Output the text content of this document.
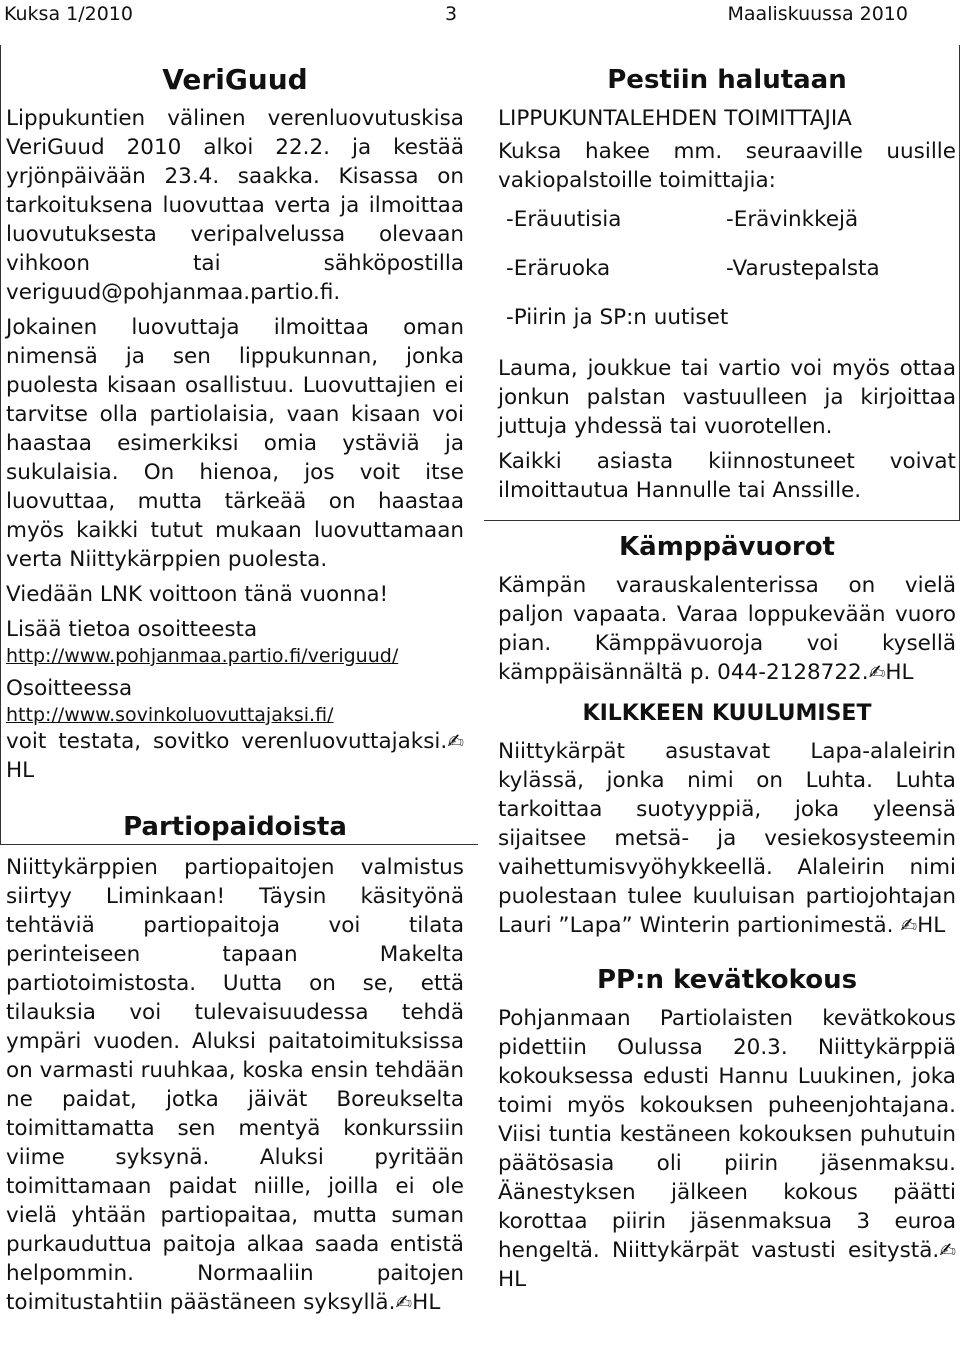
Kuksa 1/2010	3	Maaliskuussa 2010
VeriGuud

Lippukuntien välinen verenluovutuskisa VeriGuud 2010 alkoi 22.2. ja kestää yrjönpäivään 23.4. saakka. Kisassa on tarkoituksena luovuttaa verta ja ilmoittaa luovutuksesta veripalvelussa olevaan vihkoon tai sähköpostilla veriguud@pohjanmaa.partio.fi.

Jokainen luovuttaja ilmoittaa oman nimensä ja sen lippukunnan, jonka puolesta kisaan osallistuu. Luovuttajien ei tarvitse olla partiolaisia, vaan kisaan voi haastaa esimerkiksi omia ystäviä ja sukulaisia. On hienoa, jos voit itse luovuttaa, mutta tärkeää on haastaa myös kaikki tutut mukaan luovuttamaan verta Niittykärppien puolesta.

Viedään LNK voittoon tänä vuonna!

Lisää tietoa osoitteesta

http://www.pohjanmaa.partio.fi/veriguud/

Osoitteessa

http://www.sovinkoluovuttajaksi.fi/

voit testata, sovitko verenluovuttajaksi.✍HL

Partiopaidoista

Niittykärppien partiopaitojen valmistus siirtyy Liminkaan! Täysin käsityönä tehtäviä partiopaitoja voi tilata perinteiseen tapaan Makelta partiotoimistosta. Uutta on se, että tilauksia voi tulevaisuudessa tehdä ympäri vuoden. Aluksi paitatoimituksissa on varmasti ruuhkaa, koska ensin tehdään ne paidat, jotka jäivät Boreukselta toimittamatta sen mentyä konkurssiin viime syksynä. Aluksi pyritään toimittamaan paidat niille, joilla ei ole vielä yhtään partiopaitaa, mutta suman purkauduttua paitoja alkaa saada entistä helpommin. Normaaliin paitojen toimitustahtiin päästäneen syksyllä.✍HL

Pestiin halutaan

LIPPUKUNTALEHDEN TOIMITTAJIA

Kuksa hakee mm. seuraaville uusille vakiopalstoille toimittajia:

-Eräuutisia	-Erävinkkejä
-Eräruoka	-Varustepalsta
-Piirin ja SP:n uutiset

Lauma, joukkue tai vartio voi myös ottaa jonkun palstan vastuulleen ja kirjoittaa juttuja yhdessä tai vuorotellen.

Kaikki asiasta kiinnostuneet voivat ilmoittautua Hannulle tai Anssille.

Kämppävuorot

Kämpän varauskalenterissa on vielä paljon vapaata. Varaa loppukevään vuoro pian. Kämppävuoroja voi kysellä kämppäisännältä p. 044-2128722.✍HL

KILKKEEN KUULUMISET

Niittykärpät asustavat Lapa-alaleirin kylässä, jonka nimi on Luhta. Luhta tarkoittaa suotyyppiä, joka yleensä sijaitsee metsä- ja vesiekosysteemin vaihettumisvyöhykkeellä. Alaleirin nimi puolestaan tulee kuuluisan partiojohtajan Lauri ”Lapa” Winterin partionimestä. ✍HL

PP:n kevätkokous

Pohjanmaan Partiolaisten kevätkokous pidettiin Oulussa 20.3. Niittykärppiä kokouksessa edusti Hannu Luukinen, joka toimi myös kokouksen puheenjohtajana. Viisi tuntia kestäneen kokouksen puhutuin päätösasia oli piirin jäsenmaksu. Äänestyksen jälkeen kokous päätti korottaa piirin jäsenmaksua 3 euroa hengeltä. Niittykärpät vastusti esitystä.✍HL
